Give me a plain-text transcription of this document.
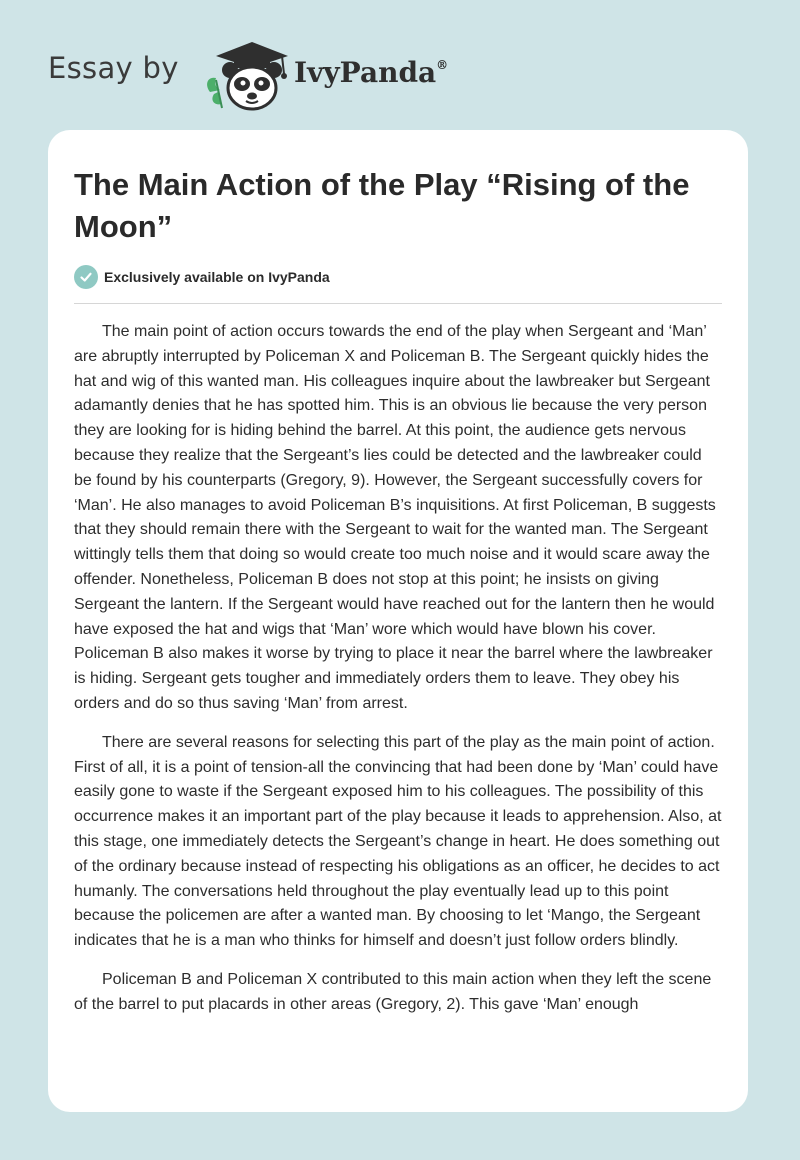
Essay by	IvyPanda®
The Main Action of the Play “Rising of the Moon”
Exclusively available on IvyPanda

The main point of action occurs towards the end of the play when Sergeant and ‘Man’ are abruptly interrupted by Policeman X and Policeman B. The Sergeant quickly hides the hat and wig of this wanted man. His colleagues inquire about the lawbreaker but Sergeant adamantly denies that he has spotted him. This is an obvious lie because the very person they are looking for is hiding behind the barrel. At this point, the audience gets nervous because they realize that the Sergeant’s lies could be detected and the lawbreaker could be found by his counterparts (Gregory, 9). However, the Sergeant successfully covers for ‘Man’. He also manages to avoid Policeman B’s inquisitions. At first Policeman, B suggests that they should remain there with the Sergeant to wait for the wanted man. The Sergeant wittingly tells them that doing so would create too much noise and it would scare away the offender. Nonetheless, Policeman B does not stop at this point; he insists on giving Sergeant the lantern. If the Sergeant would have reached out for the lantern then he would have exposed the hat and wigs that ‘Man’ wore which would have blown his cover. Policeman B also makes it worse by trying to place it near the barrel where the lawbreaker is hiding. Sergeant gets tougher and immediately orders them to leave. They obey his orders and do so thus saving ‘Man’ from arrest.

There are several reasons for selecting this part of the play as the main point of action. First of all, it is a point of tension-all the convincing that had been done by ‘Man’ could have easily gone to waste if the Sergeant exposed him to his colleagues. The possibility of this occurrence makes it an important part of the play because it leads to apprehension. Also, at this stage, one immediately detects the Sergeant’s change in heart. He does something out of the ordinary because instead of respecting his obligations as an officer, he decides to act humanly. The conversations held throughout the play eventually lead up to this point because the policemen are after a wanted man. By choosing to let ‘Mango, the Sergeant indicates that he is a man who thinks for himself and doesn’t just follow orders blindly.

Policeman B and Policeman X contributed to this main action when they left the scene of the barrel to put placards in other areas (Gregory, 2). This gave ‘Man’ enough
